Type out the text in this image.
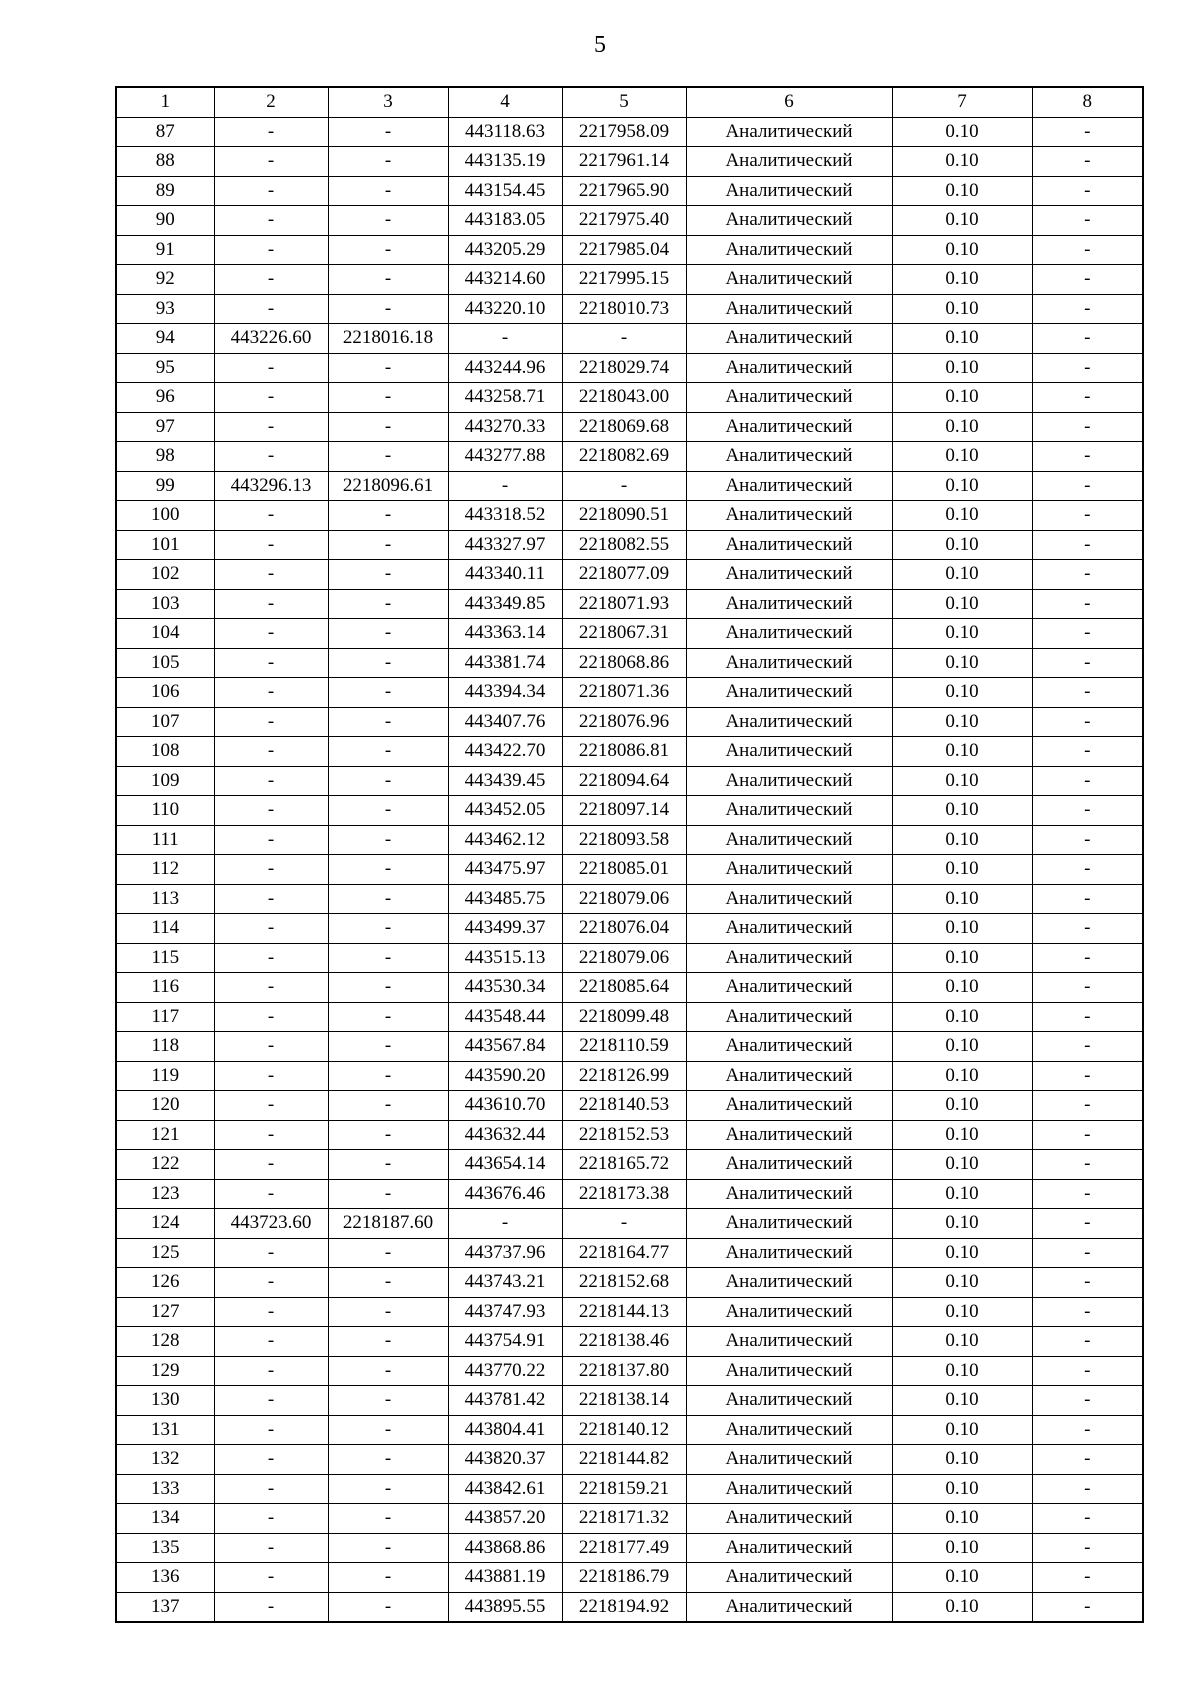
5
1	2	3	4	5	6	7	8
87	-	-	443118.63	2217958.09	Аналитический	0.10	-
88	-	-	443135.19	2217961.14	Аналитический	0.10	-
89	-	-	443154.45	2217965.90	Аналитический	0.10	-
90	-	-	443183.05	2217975.40	Аналитический	0.10	-
91	-	-	443205.29	2217985.04	Аналитический	0.10	-
92	-	-	443214.60	2217995.15	Аналитический	0.10	-
93	-	-	443220.10	2218010.73	Аналитический	0.10	-
94	443226.60	2218016.18	-	-	Аналитический	0.10	-
95	-	-	443244.96	2218029.74	Аналитический	0.10	-
96	-	-	443258.71	2218043.00	Аналитический	0.10	-
97	-	-	443270.33	2218069.68	Аналитический	0.10	-
98	-	-	443277.88	2218082.69	Аналитический	0.10	-
99	443296.13	2218096.61	-	-	Аналитический	0.10	-
100	-	-	443318.52	2218090.51	Аналитический	0.10	-
101	-	-	443327.97	2218082.55	Аналитический	0.10	-
102	-	-	443340.11	2218077.09	Аналитический	0.10	-
103	-	-	443349.85	2218071.93	Аналитический	0.10	-
104	-	-	443363.14	2218067.31	Аналитический	0.10	-
105	-	-	443381.74	2218068.86	Аналитический	0.10	-
106	-	-	443394.34	2218071.36	Аналитический	0.10	-
107	-	-	443407.76	2218076.96	Аналитический	0.10	-
108	-	-	443422.70	2218086.81	Аналитический	0.10	-
109	-	-	443439.45	2218094.64	Аналитический	0.10	-
110	-	-	443452.05	2218097.14	Аналитический	0.10	-
111	-	-	443462.12	2218093.58	Аналитический	0.10	-
112	-	-	443475.97	2218085.01	Аналитический	0.10	-
113	-	-	443485.75	2218079.06	Аналитический	0.10	-
114	-	-	443499.37	2218076.04	Аналитический	0.10	-
115	-	-	443515.13	2218079.06	Аналитический	0.10	-
116	-	-	443530.34	2218085.64	Аналитический	0.10	-
117	-	-	443548.44	2218099.48	Аналитический	0.10	-
118	-	-	443567.84	2218110.59	Аналитический	0.10	-
119	-	-	443590.20	2218126.99	Аналитический	0.10	-
120	-	-	443610.70	2218140.53	Аналитический	0.10	-
121	-	-	443632.44	2218152.53	Аналитический	0.10	-
122	-	-	443654.14	2218165.72	Аналитический	0.10	-
123	-	-	443676.46	2218173.38	Аналитический	0.10	-
124	443723.60	2218187.60	-	-	Аналитический	0.10	-
125	-	-	443737.96	2218164.77	Аналитический	0.10	-
126	-	-	443743.21	2218152.68	Аналитический	0.10	-
127	-	-	443747.93	2218144.13	Аналитический	0.10	-
128	-	-	443754.91	2218138.46	Аналитический	0.10	-
129	-	-	443770.22	2218137.80	Аналитический	0.10	-
130	-	-	443781.42	2218138.14	Аналитический	0.10	-
131	-	-	443804.41	2218140.12	Аналитический	0.10	-
132	-	-	443820.37	2218144.82	Аналитический	0.10	-
133	-	-	443842.61	2218159.21	Аналитический	0.10	-
134	-	-	443857.20	2218171.32	Аналитический	0.10	-
135	-	-	443868.86	2218177.49	Аналитический	0.10	-
136	-	-	443881.19	2218186.79	Аналитический	0.10	-
137	-	-	443895.55	2218194.92	Аналитический	0.10	-
